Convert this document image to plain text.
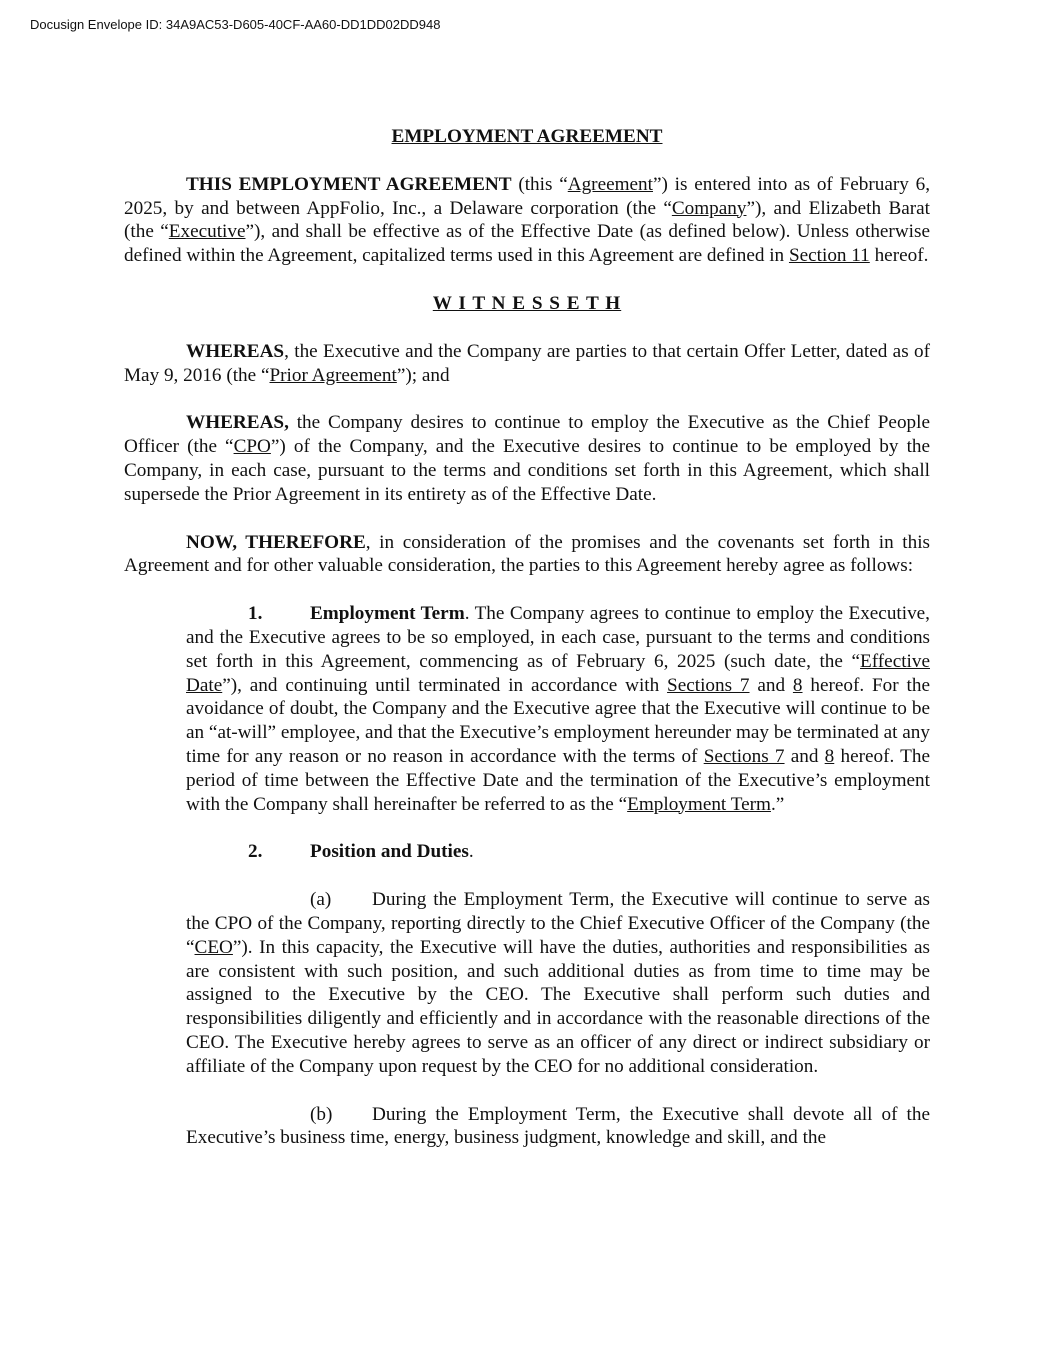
Docusign Envelope ID: 34A9AC53-D605-40CF-AA60-DD1DD02DD948
EMPLOYMENT AGREEMENT

THIS EMPLOYMENT AGREEMENT (this “Agreement”) is entered into as of February 6, 2025, by and between AppFolio, Inc., a Delaware corporation (the “Company”), and Elizabeth Barat (the “Executive”), and shall be effective as of the Effective Date (as defined below). Unless otherwise defined within the Agreement, capitalized terms used in this Agreement are defined in Section 11 hereof.

W I T N E S S E T H

WHEREAS, the Executive and the Company are parties to that certain Offer Letter, dated as of May 9, 2016 (the “Prior Agreement”); and

WHEREAS, the Company desires to continue to employ the Executive as the Chief People Officer (the “CPO”) of the Company, and the Executive desires to continue to be employed by the Company, in each case, pursuant to the terms and conditions set forth in this Agreement, which shall supersede the Prior Agreement in its entirety as of the Effective Date.

NOW, THEREFORE, in consideration of the promises and the covenants set forth in this Agreement and for other valuable consideration, the parties to this Agreement hereby agree as follows:

1. Employment Term. The Company agrees to continue to employ the Executive, and the Executive agrees to be so employed, in each case, pursuant to the terms and conditions set forth in this Agreement, commencing as of February 6, 2025 (such date, the “Effective Date”), and continuing until terminated in accordance with Sections 7 and 8 hereof. For the avoidance of doubt, the Company and the Executive agree that the Executive will continue to be an “at-will” employee, and that the Executive’s employment hereunder may be terminated at any time for any reason or no reason in accordance with the terms of Sections 7 and 8 hereof. The period of time between the Effective Date and the termination of the Executive’s employment with the Company shall hereinafter be referred to as the “Employment Term.”

2. Position and Duties.

(a) During the Employment Term, the Executive will continue to serve as the CPO of the Company, reporting directly to the Chief Executive Officer of the Company (the “CEO”). In this capacity, the Executive will have the duties, authorities and responsibilities as are consistent with such position, and such additional duties as from time to time may be assigned to the Executive by the CEO. The Executive shall perform such duties and responsibilities diligently and efficiently and in accordance with the reasonable directions of the CEO. The Executive hereby agrees to serve as an officer of any direct or indirect subsidiary or affiliate of the Company upon request by the CEO for no additional consideration.

(b) During the Employment Term, the Executive shall devote all of the Executive’s business time, energy, business judgment, knowledge and skill, and the
